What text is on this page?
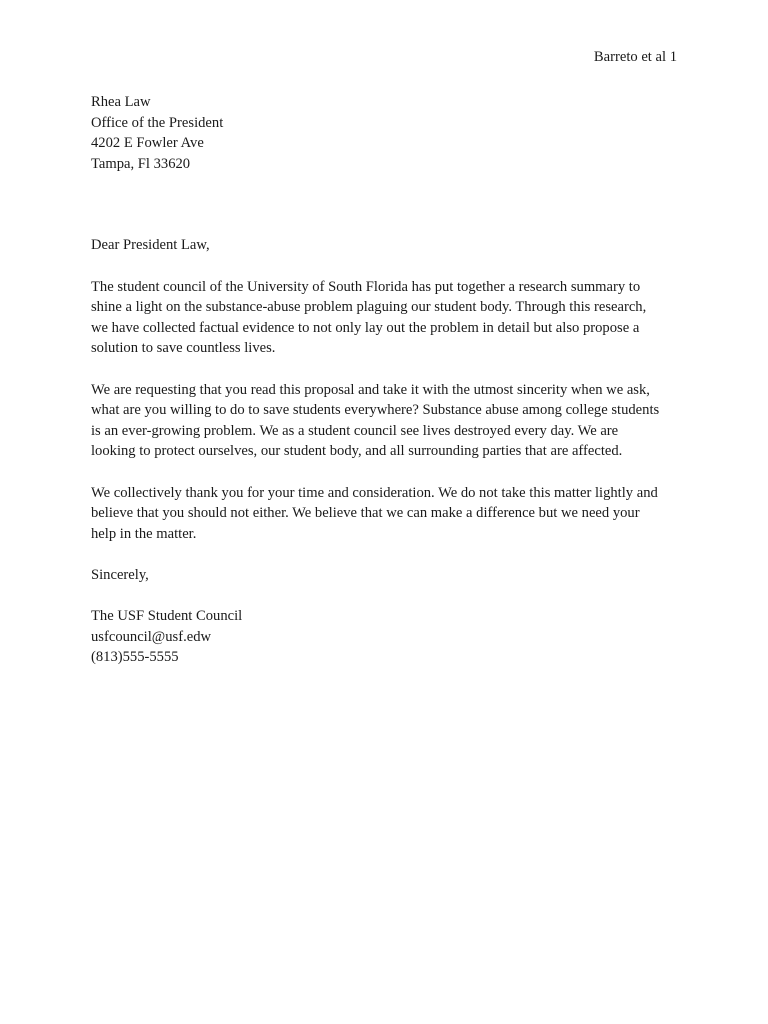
Barreto et al 1
Rhea Law
Office of the President
4202 E Fowler Ave
Tampa, Fl 33620
Dear President Law,
The student council of the University of South Florida has put together a research summary to
shine a light on the substance-abuse problem plaguing our student body. Through this research,
we have collected factual evidence to not only lay out the problem in detail but also propose a
solution to save countless lives.
We are requesting that you read this proposal and take it with the utmost sincerity when we ask,
what are you willing to do to save students everywhere? Substance abuse among college students
is an ever-growing problem. We as a student council see lives destroyed every day. We are
looking to protect ourselves, our student body, and all surrounding parties that are affected.
We collectively thank you for your time and consideration. We do not take this matter lightly and
believe that you should not either. We believe that we can make a difference but we need your
help in the matter.
Sincerely,
The USF Student Council
usfcouncil@usf.edw
(813)555-5555
